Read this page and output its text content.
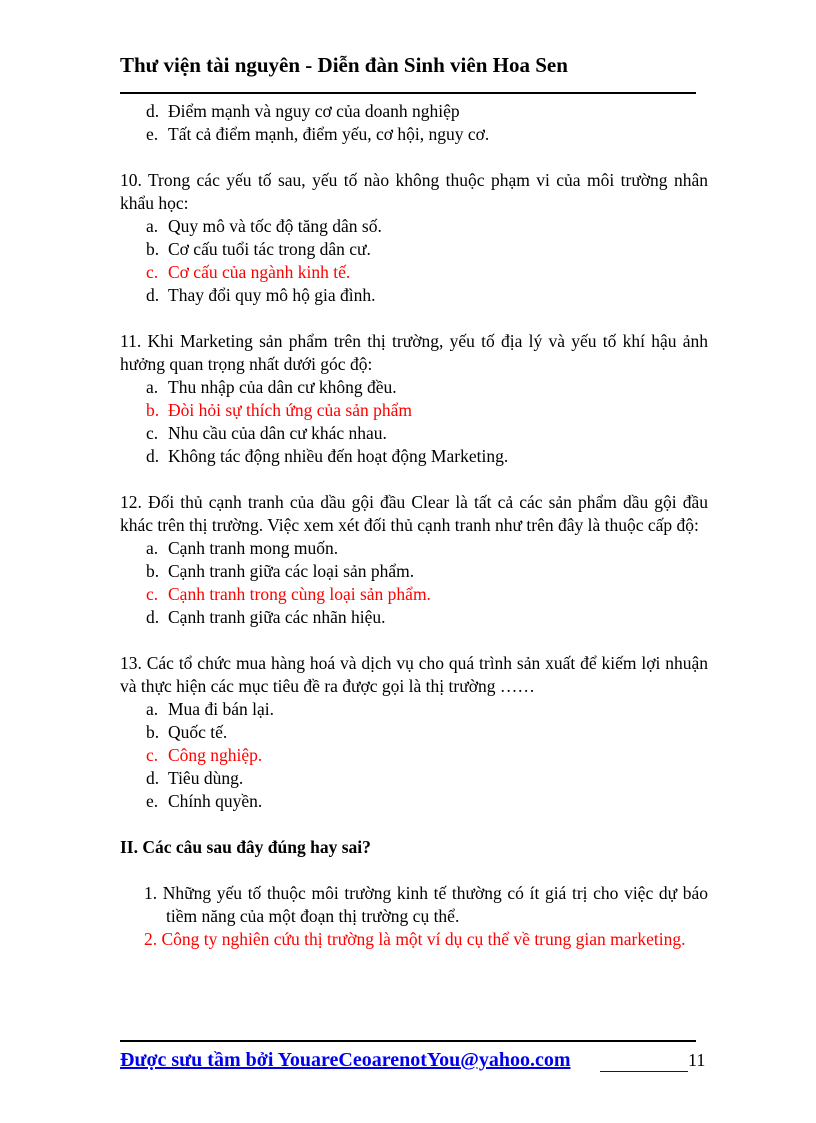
Thư viện tài nguyên - Diễn đàn Sinh viên Hoa Sen
d. Điểm mạnh và nguy cơ của doanh nghiệp
e. Tất cả điểm mạnh, điểm yếu, cơ hội, nguy cơ.
10. Trong các yếu tố sau, yếu tố nào không thuộc phạm vi của môi trường nhân khẩu học:
a. Quy mô và tốc độ tăng dân số.
b. Cơ cấu tuổi tác trong dân cư.
c. Cơ cấu của ngành kinh tế.
d. Thay đổi quy mô hộ gia đình.
11. Khi Marketing sản phẩm trên thị trường, yếu tố địa lý và yếu tố khí hậu ảnh hưởng quan trọng nhất dưới góc độ:
a. Thu nhập của dân cư không đều.
b. Đòi hỏi sự thích ứng của sản phẩm
c. Nhu cầu của dân cư khác nhau.
d. Không tác động nhiều đến hoạt động Marketing.
12. Đối thủ cạnh tranh của dầu gội đầu Clear là tất cả các sản phẩm dầu gội đầu khác trên thị trường. Việc xem xét đối thủ cạnh tranh như trên đây là thuộc cấp độ:
a. Cạnh tranh mong muốn.
b. Cạnh tranh giữa các loại sản phẩm.
c. Cạnh tranh trong cùng loại sản phẩm.
d. Cạnh tranh giữa các nhãn hiệu.
13. Các tổ chức mua hàng hoá và dịch vụ cho quá trình sản xuất để kiếm lợi nhuận và thực hiện các mục tiêu đề ra được gọi là thị trường ……
a. Mua đi bán lại.
b. Quốc tế.
c. Công nghiệp.
d. Tiêu dùng.
e. Chính quyền.
II. Các câu sau đây đúng hay sai?
1. Những yếu tố thuộc môi trường kinh tế thường có ít giá trị cho việc dự báo tiềm năng của một đoạn thị trường cụ thể.
2. Công ty nghiên cứu thị trường là một ví dụ cụ thể về trung gian marketing.
Được sưu tầm bởi YouareCeoarenotYou@yahoo.com	11
